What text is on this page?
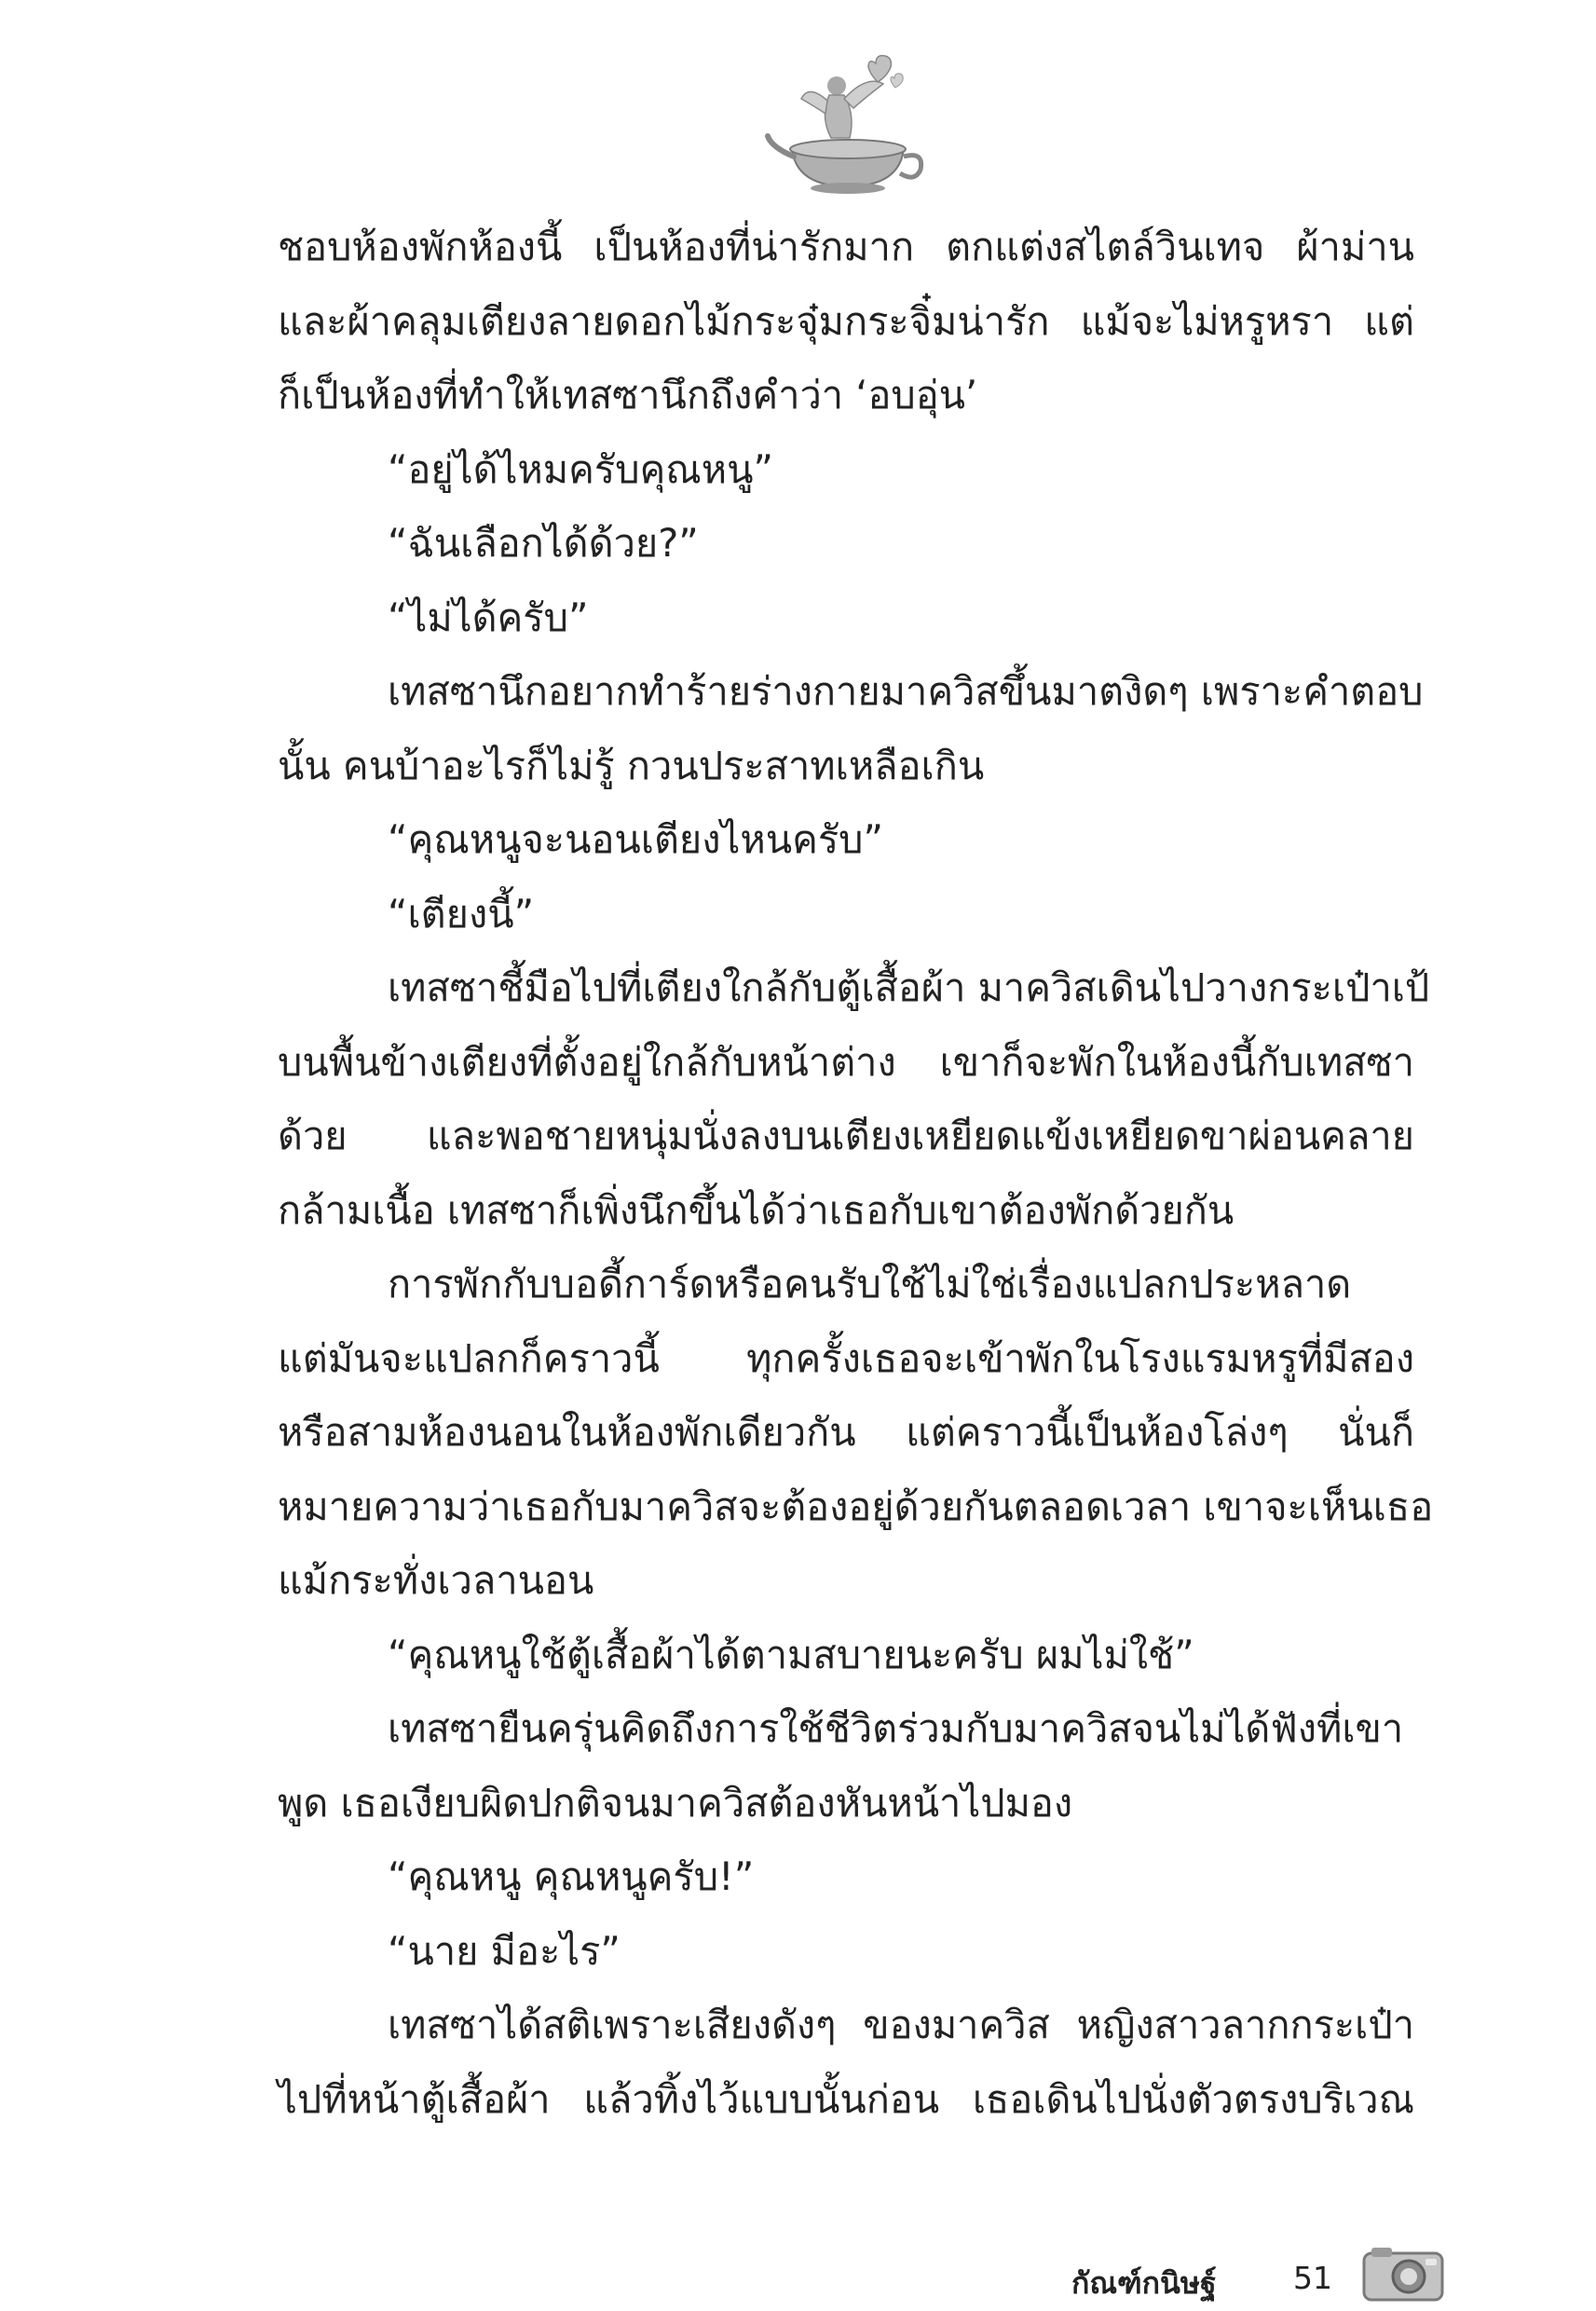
ชอบห้องพักห้องนี้ เป็นห้องที่น่ารักมาก ตกแต่งสไตล์วินเทจ ผ้าม่าน
และผ้าคลุมเตียงลายดอกไม้กระจุ๋มกระจิ๋มน่ารัก แม้จะไม่หรูหรา แต่
ก็เป็นห้องที่ทำให้เทสซานึกถึงคำว่า ‘อบอุ่น’
“อยู่ได้ไหมครับคุณหนู”
“ฉันเลือกได้ด้วย?”
“ไม่ได้ครับ”
เทสซานึกอยากทำร้ายร่างกายมาควิสขึ้นมาตงิดๆ เพราะคำตอบ
นั้น คนบ้าอะไรก็ไม่รู้ กวนประสาทเหลือเกิน
“คุณหนูจะนอนเตียงไหนครับ”
“เตียงนี้”
เทสซาชี้มือไปที่เตียงใกล้กับตู้เสื้อผ้า มาควิสเดินไปวางกระเป๋าเป้
บนพื้นข้างเตียงที่ตั้งอยู่ใกล้กับหน้าต่าง เขาก็จะพักในห้องนี้กับเทสซา
ด้วย และพอชายหนุ่มนั่งลงบนเตียงเหยียดแข้งเหยียดขาผ่อนคลาย
กล้ามเนื้อ เทสซาก็เพิ่งนึกขึ้นได้ว่าเธอกับเขาต้องพักด้วยกัน
การพักกับบอดี้การ์ดหรือคนรับใช้ไม่ใช่เรื่องแปลกประหลาด
แต่มันจะแปลกก็คราวนี้ ทุกครั้งเธอจะเข้าพักในโรงแรมหรูที่มีสอง
หรือสามห้องนอนในห้องพักเดียวกัน แต่คราวนี้เป็นห้องโล่งๆ นั่นก็
หมายความว่าเธอกับมาควิสจะต้องอยู่ด้วยกันตลอดเวลา เขาจะเห็นเธอ
แม้กระทั่งเวลานอน
“คุณหนูใช้ตู้เสื้อผ้าได้ตามสบายนะครับ ผมไม่ใช้”
เทสซายืนครุ่นคิดถึงการใช้ชีวิตร่วมกับมาควิสจนไม่ได้ฟังที่เขา
พูด เธอเงียบผิดปกติจนมาควิสต้องหันหน้าไปมอง
“คุณหนู คุณหนูครับ!”
“นาย มีอะไร”
เทสซาได้สติเพราะเสียงดังๆ ของมาควิส หญิงสาวลากกระเป๋า
ไปที่หน้าตู้เสื้อผ้า แล้วทิ้งไว้แบบนั้นก่อน เธอเดินไปนั่งตัวตรงบริเวณ
กัณฑ์กนิษฐ์ 51
